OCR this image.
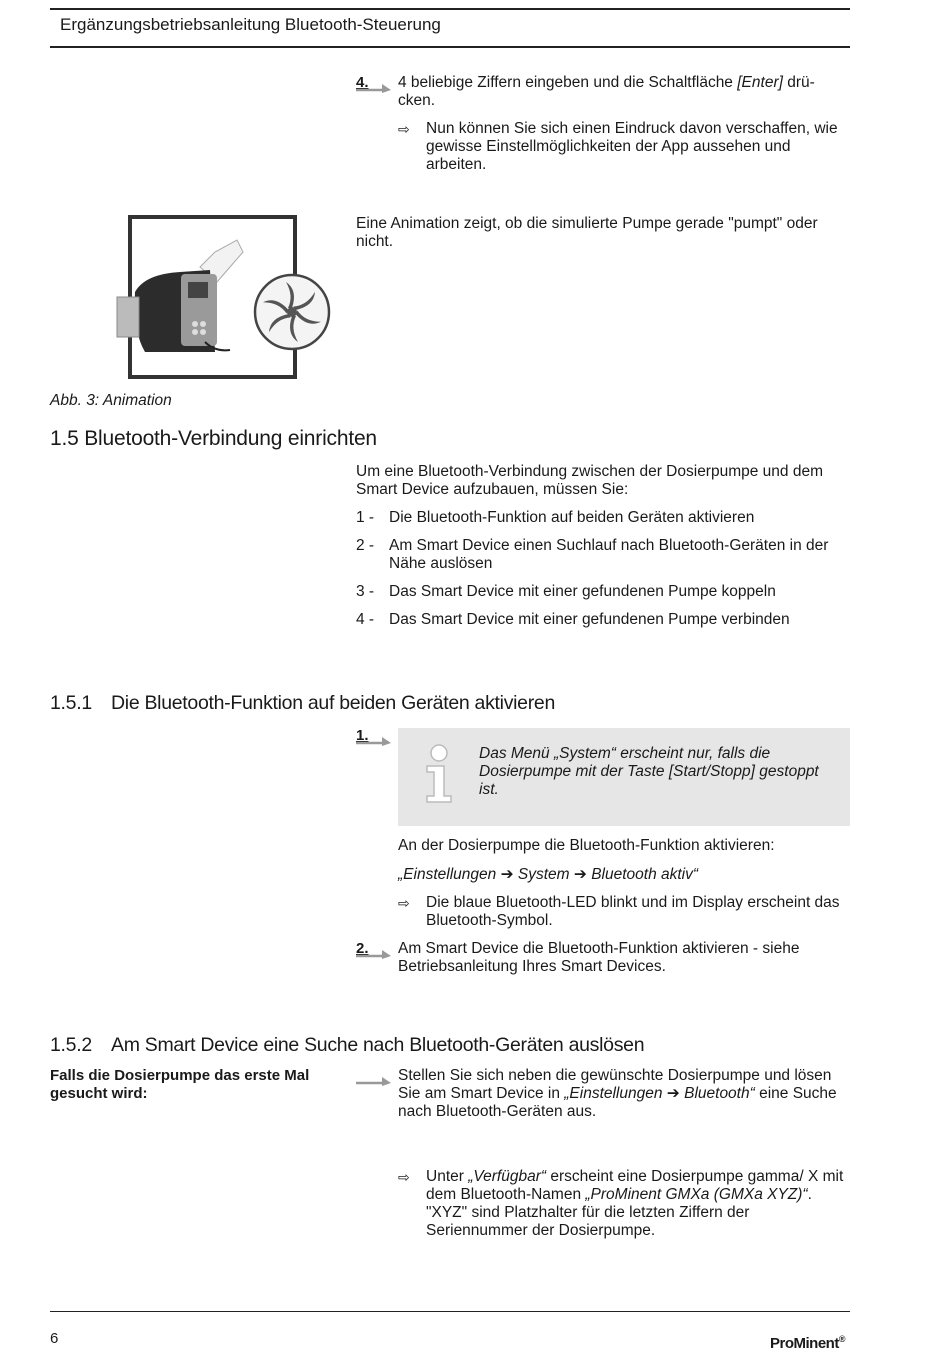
Ergänzungsbetriebsanleitung Bluetooth-Steuerung
4. 4 beliebige Ziffern eingeben und die Schaltfläche [Enter] drü-cken.

⇨ Nun können Sie sich einen Eindruck davon verschaffen, wie gewisse Einstellmöglichkeiten der App aussehen und arbeiten.

Eine Animation zeigt, ob die simulierte Pumpe gerade "pumpt" oder nicht.
Abb. 3: Animation
1.5 Bluetooth-Verbindung einrichten
Um eine Bluetooth-Verbindung zwischen der Dosierpumpe und dem Smart Device aufzubauen, müssen Sie:
1 - Die Bluetooth-Funktion auf beiden Geräten aktivieren
2 - Am Smart Device einen Suchlauf nach Bluetooth-Geräten in der Nähe auslösen
3 - Das Smart Device mit einer gefundenen Pumpe koppeln
4 - Das Smart Device mit einer gefundenen Pumpe verbinden
1.5.1 Die Bluetooth-Funktion auf beiden Geräten aktivieren
1.
Das Menü „System“ erscheint nur, falls die Dosierpumpe mit der Taste [Start/Stopp] gestoppt ist.
An der Dosierpumpe die Bluetooth-Funktion aktivieren:
„Einstellungen ➔ System ➔ Bluetooth aktiv“

⇨ Die blaue Bluetooth-LED blinkt und im Display erscheint das Bluetooth-Symbol.

2. Am Smart Device die Bluetooth-Funktion aktivieren - siehe Betriebsanleitung Ihres Smart Devices.
1.5.2 Am Smart Device eine Suche nach Bluetooth-Geräten auslösen
Falls die Dosierpumpe das erste Mal gesucht wird:
Stellen Sie sich neben die gewünschte Dosierpumpe und lösen Sie am Smart Device in „Einstellungen ➔ Bluetooth“ eine Suche nach Bluetooth-Geräten aus.

⇨ Unter „Verfügbar“ erscheint eine Dosierpumpe gamma/ X mit dem Bluetooth-Namen „ProMinent GMXa (GMXa XYZ)“. "XYZ" sind Platzhalter für die letzten Ziffern der Seriennummer der Dosierpumpe.

6	ProMinent®
